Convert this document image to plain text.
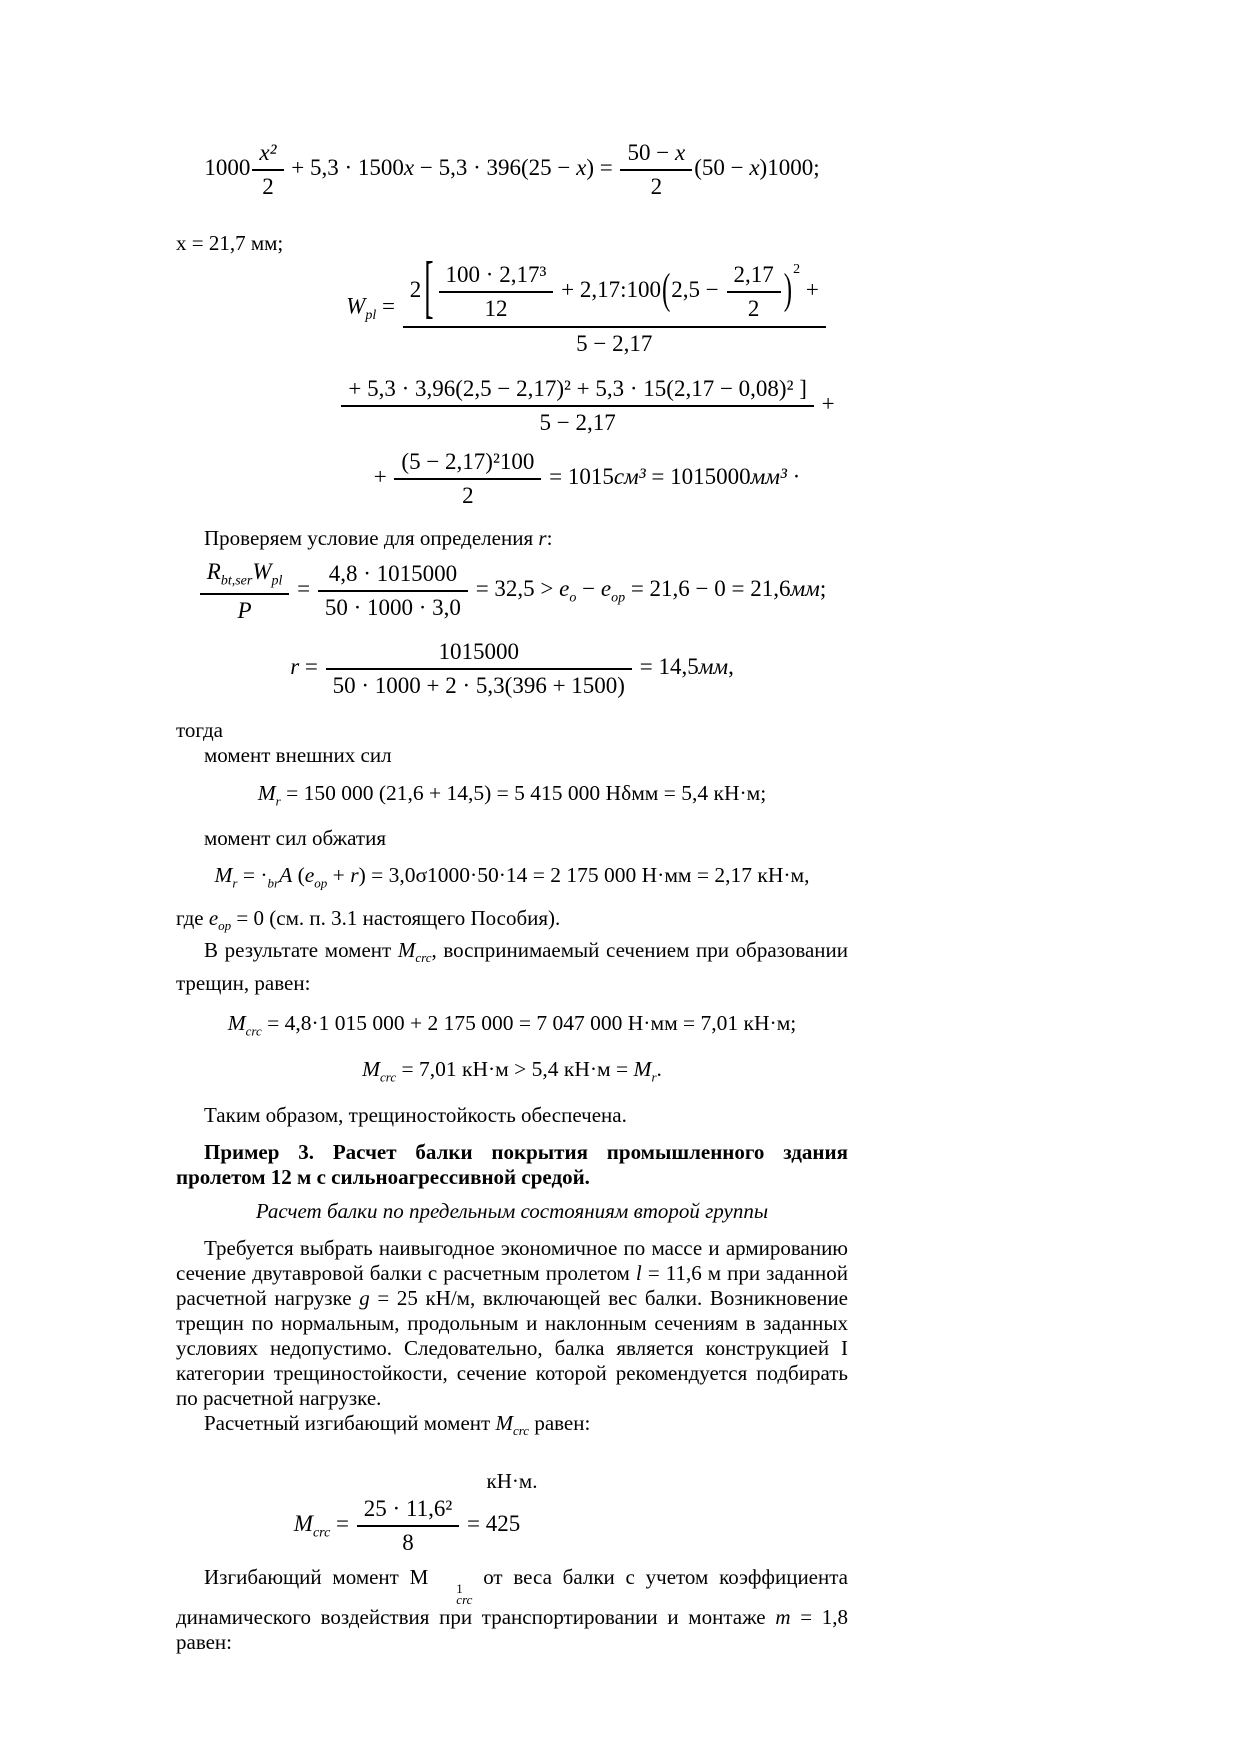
$1000 \frac{\text{x²}}{2} + 5,3 \cdot 1500x - 5,3 \cdot 396(25 - x) = \frac{50 - x}{2} (50 - x)1000$;

х = 21,7 мм;

$W_{pl} = \frac{2 [ \frac{\text{100 · 2,17³}}{12} + 2,17:100(2,5 - \frac{2,17}{2} )^2 +}{5 - 2,17}$
$\frac{\text{+ 5,3 · 3,96(2,5 − 2,17)² + 5,3 · 15(2,17 − 0,08)² ]}}{5 - 2,17}$ +
+ $\frac{\text{(5 − 2,17)²100}}{2} = 1015см^3 = 1015000мм^3$ ·

Проверяем условие для определения r:

$\frac{R_{bt,ser}W_{pl}}{P} = \frac{4,8 \cdot 1015000}{50 \cdot 1000 \cdot 3,0} = 32,5 > e_o - e_{op} = 21,6 - 0 = 21,6мм$;
$r = \frac{1015000}{50 \cdot 1000 + 2 \cdot 5,3(396 + 1500)} = 14,5мм$,

тогда

момент внешних сил

$M_r = 150$ 000 (21,6 + 14,5) = 5 415 000 Нδмм = 5,4 кН·м;

момент сил обжатия

$M_r = \cdot_{br}A$ $(e_{op} + r) = 3,0\sigma 1000\cdot 50\cdot 14 = 2$ 175 000 Н·мм = 2,17 кН·м,

где $e_{op} = 0$ (см. п. 3.1 настоящего Пособия).

В результате момент $M_{crc}$, воспринимаемый сечением при образовании трещин, равен:

$M_{crc} = 4,8\cdot 1$ 015 000 + 2 175 000 = 7 047 000 Н·мм = 7,01 кН·м;

$M_{crc} = 7,01$ кН·м > 5,4 $кН\cdot м = M_r$.

Таким образом, трещиностойкость обеспечена.

Пример 3. Расчет балки покрытия промышленного здания пролетом 12 м с сильноагрессивной средой.

Расчет балки по предельным состояниям второй группы

Требуется выбрать наивыгодное экономичное по массе и армированию сечение двутавровой балки с расчетным пролетом l = 11,6 м при заданной расчетной нагрузке g = 25 кН/м, включающей вес балки. Возникновение трещин по нормальным, продольным и наклонным сечениям в заданных условиях недопустимо. Следовательно, балка является конструкцией I категории трещиностойкости, сечение которой рекомендуется подбирать по расчетной нагрузке.

Расчетный изгибающий момент $M_{crc}$ равен:

кН·м.

$M_{crc} = \frac{\text{25 · 11,6²}}{8} = 425$

Изгибающий момент М	1
crc
от веса балки с учетом коэффициента динамического воздействия при транспортировании и монтаже m = 1,8 равен:
